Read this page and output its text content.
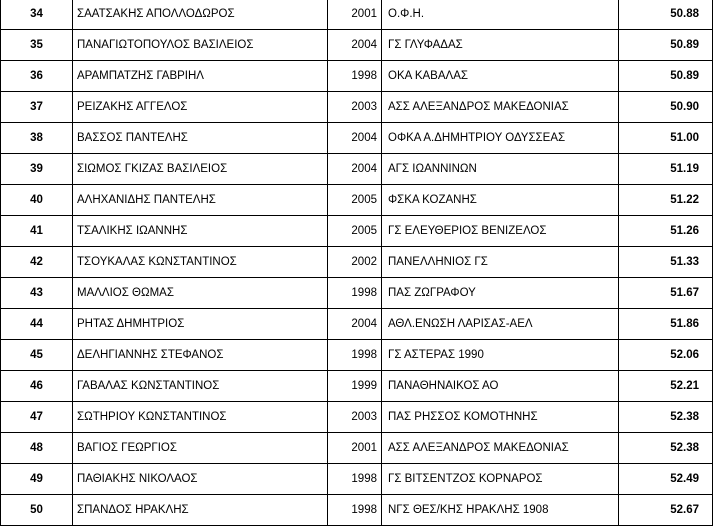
34	ΣΑΑΤΣΑΚΗΣ ΑΠΟΛΛΟΔΩΡΟΣ	2001	Ο.Φ.Η.	50.88
35	ΠΑΝΑΓΙΩΤΟΠΟΥΛΟΣ ΒΑΣΙΛΕΙΟΣ	2004	ΓΣ ΓΛΥΦΑΔΑΣ	50.89
36	ΑΡΑΜΠΑΤΖΗΣ ΓΑΒΡΙΗΛ	1998	ΟΚΑ ΚΑΒΑΛΑΣ	50.89
37	ΡΕΙΖΑΚΗΣ ΑΓΓΕΛΟΣ	2003	ΑΣΣ ΑΛΕΞΑΝΔΡΟΣ ΜΑΚΕΔΟΝΙΑΣ	50.90
38	ΒΑΣΣΟΣ ΠΑΝΤΕΛΗΣ	2004	ΟΦΚΑ Α.ΔΗΜΗΤΡΙΟΥ ΟΔΥΣΣΕΑΣ	51.00
39	ΣΙΩΜΟΣ ΓΚΙΖΑΣ ΒΑΣΙΛΕΙΟΣ	2004	ΑΓΣ ΙΩΑΝΝΙΝΩΝ	51.19
40	ΑΛΗΧΑΝΙΔΗΣ ΠΑΝΤΕΛΗΣ	2005	ΦΣΚΑ ΚΟΖΑΝΗΣ	51.22
41	ΤΣΑΛΙΚΗΣ ΙΩΑΝΝΗΣ	2005	ΓΣ ΕΛΕΥΘΕΡΙΟΣ ΒΕΝΙΖΕΛΟΣ	51.26
42	ΤΣΟΥΚΑΛΑΣ ΚΩΝΣΤΑΝΤΙΝΟΣ	2002	ΠΑΝΕΛΛΗΝΙΟΣ ΓΣ	51.33
43	ΜΑΛΛΙΟΣ ΘΩΜΑΣ	1998	ΠΑΣ ΖΩΓΡΑΦΟΥ	51.67
44	ΡΗΤΑΣ ΔΗΜΗΤΡΙΟΣ	2004	ΑΘΛ.ΕΝΩΣΗ ΛΑΡΙΣΑΣ-ΑΕΛ	51.86
45	ΔΕΛΗΓΙΑΝΝΗΣ ΣΤΕΦΑΝΟΣ	1998	ΓΣ ΑΣΤΕΡΑΣ 1990	52.06
46	ΓΑΒΑΛΑΣ ΚΩΝΣΤΑΝΤΙΝΟΣ	1999	ΠΑΝΑΘΗΝΑΙΚΟΣ ΑΟ	52.21
47	ΣΩΤΗΡΙΟΥ ΚΩΝΣΤΑΝΤΙΝΟΣ	2003	ΠΑΣ ΡΗΣΣΟΣ ΚΟΜΟΤΗΝΗΣ	52.38
48	ΒΑΓΙΟΣ ΓΕΩΡΓΙΟΣ	2001	ΑΣΣ ΑΛΕΞΑΝΔΡΟΣ ΜΑΚΕΔΟΝΙΑΣ	52.38
49	ΠΑΘΙΑΚΗΣ ΝΙΚΟΛΑΟΣ	1998	ΓΣ ΒΙΤΣΕΝΤΖΟΣ ΚΟΡΝΑΡΟΣ	52.49
50	ΣΠΑΝΔΟΣ ΗΡΑΚΛΗΣ	1998	ΝΓΣ ΘΕΣ/ΚΗΣ ΗΡΑΚΛΗΣ 1908	52.67
